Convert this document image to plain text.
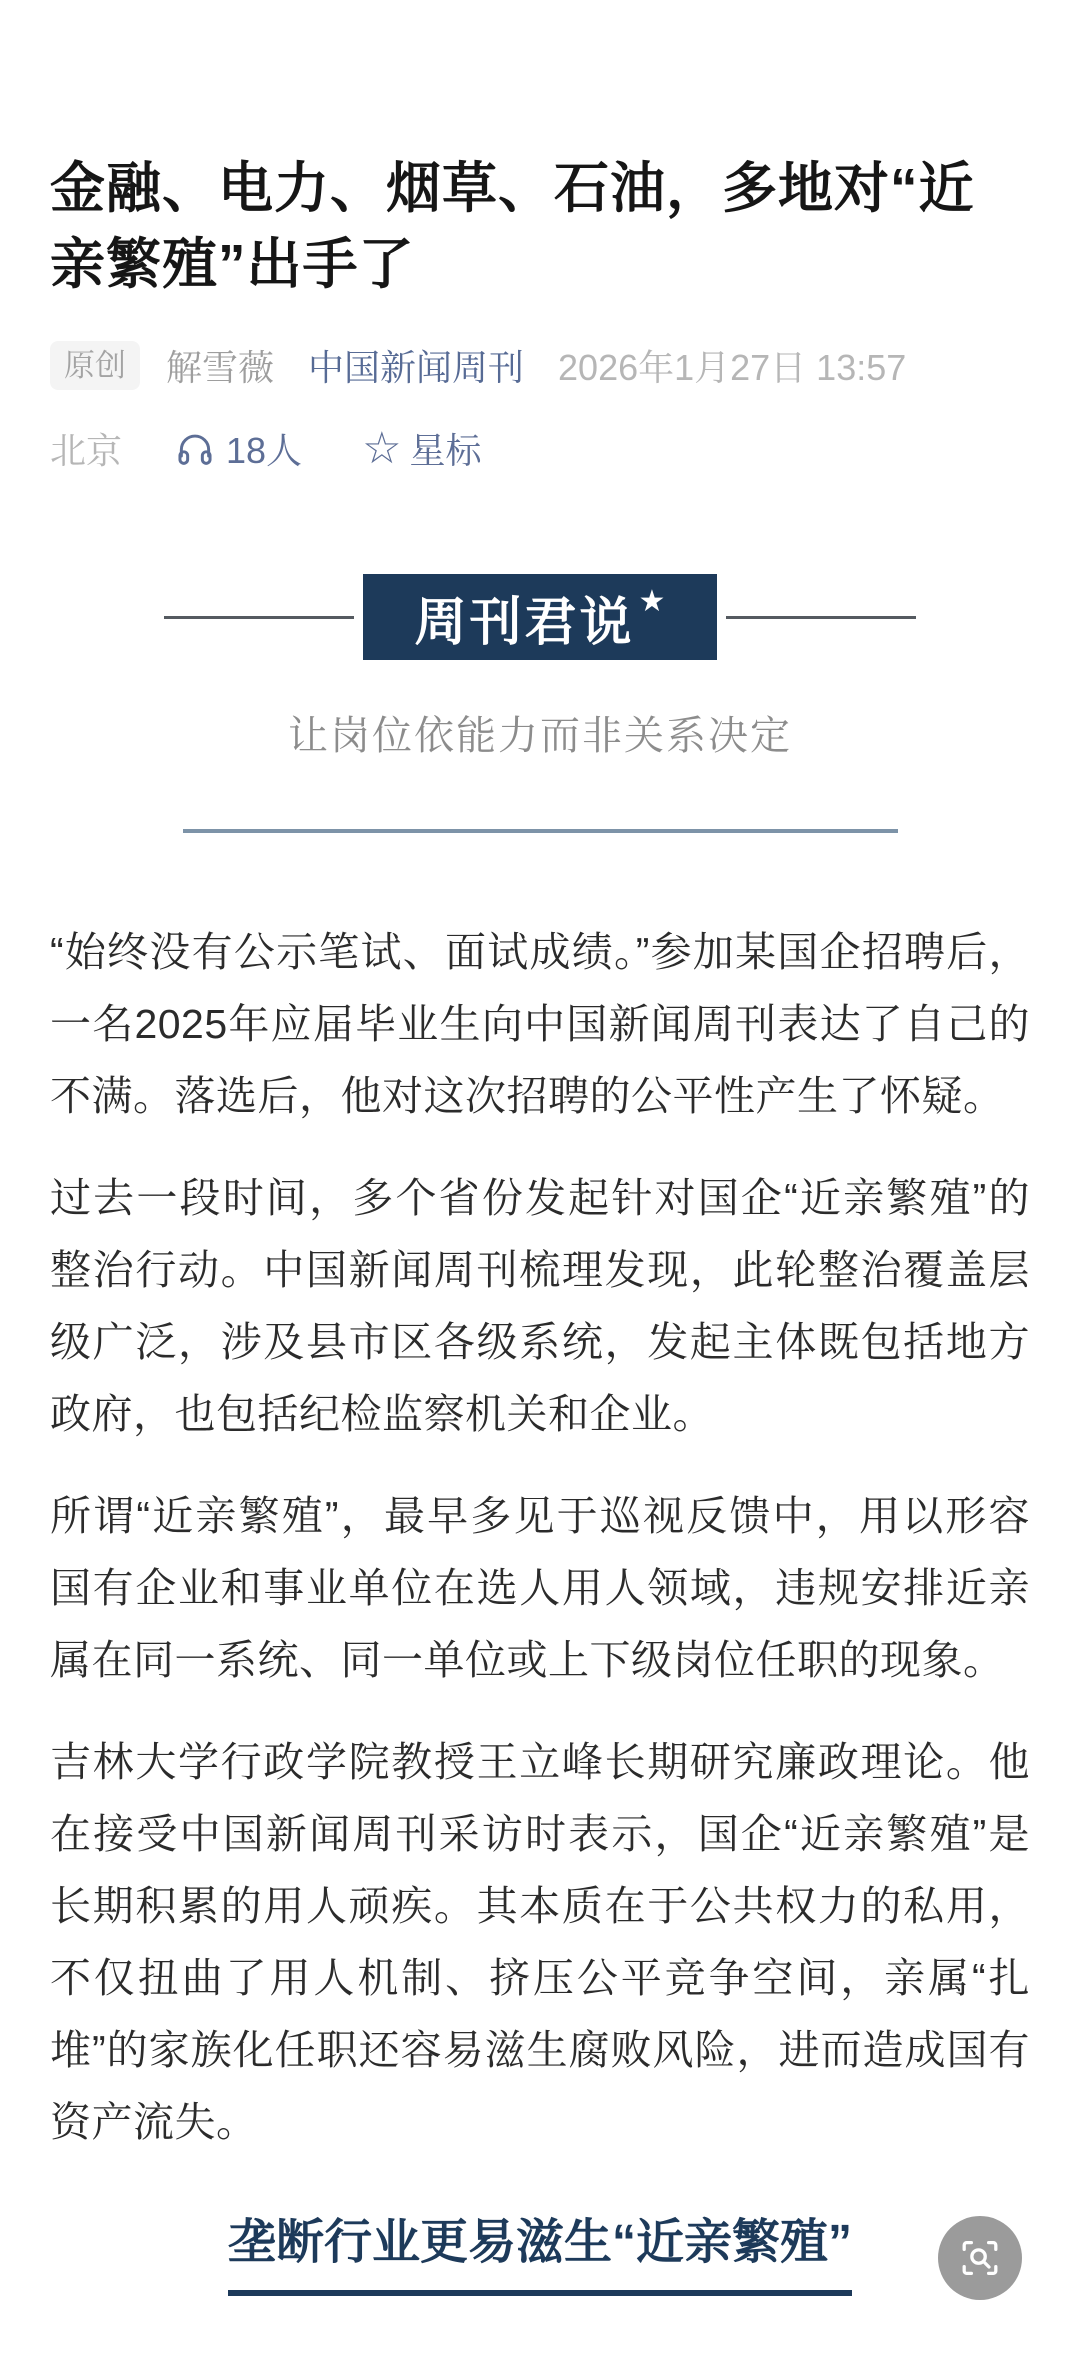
金融、电力、烟草、石油，多地对“近亲繁殖”出手了
原创	解雪薇 中国新闻周刊 2026年1月27日 13:57
北京	18人 ☆ 星标
周刊君说 ★
让岗位依能力而非关系决定

“始终没有公示笔试、面试成绩。”参加某国企招聘后，一名2025年应届毕业生向中国新闻周刊表达了自己的不满。落选后，他对这次招聘的公平性产生了怀疑。

过去一段时间，多个省份发起针对国企“近亲繁殖”的整治行动。中国新闻周刊梳理发现，此轮整治覆盖层级广泛，涉及县市区各级系统，发起主体既包括地方政府，也包括纪检监察机关和企业。

所谓“近亲繁殖”，最早多见于巡视反馈中，用以形容国有企业和事业单位在选人用人领域，违规安排近亲属在同一系统、同一单位或上下级岗位任职的现象。

吉林大学行政学院教授王立峰长期研究廉政理论。他在接受中国新闻周刊采访时表示，国企“近亲繁殖”是长期积累的用人顽疾。其本质在于公共权力的私用，不仅扭曲了用人机制、挤压公平竞争空间，亲属“扎堆”的家族化任职还容易滋生腐败风险，进而造成国有资产流失。

垄断行业更易滋生“近亲繁殖”
